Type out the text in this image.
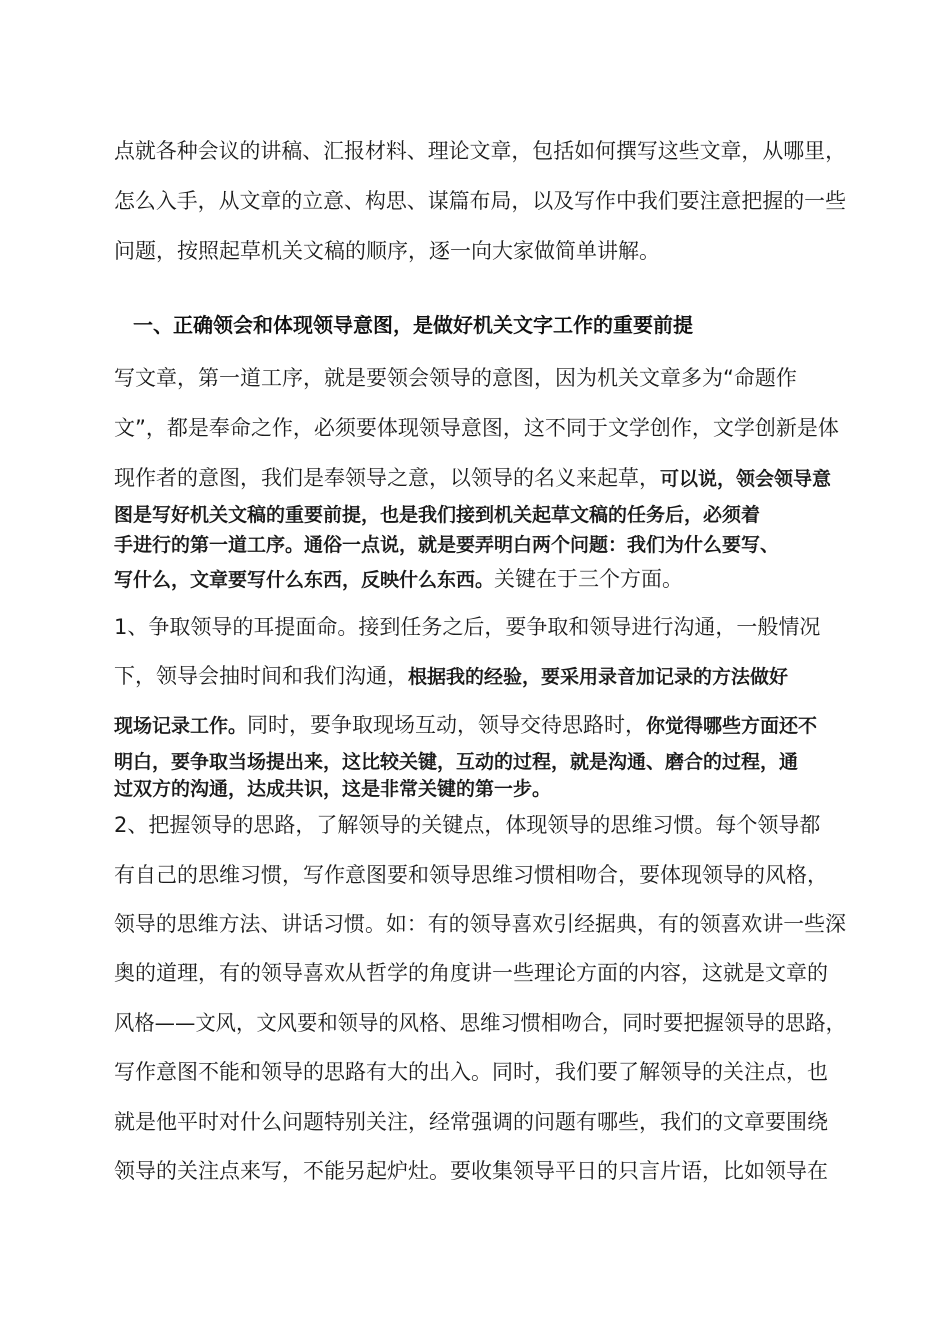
点就各种会议的讲稿、汇报材料、理论文章，包括如何撰写这些文章，从哪里，
怎么入手，从文章的立意、构思、谋篇布局，以及写作中我们要注意把握的一些
问题，按照起草机关文稿的顺序，逐一向大家做简单讲解。
一、正确领会和体现领导意图，是做好机关文字工作的重要前提
写文章，第一道工序，就是要领会领导的意图，因为机关文章多为“命题作
文”，都是奉命之作，必须要体现领导意图，这不同于文学创作，文学创新是体
现作者的意图，我们是奉领导之意，以领导的名义来起草，可以说，领会领导意
图是写好机关文稿的重要前提，也是我们接到机关起草文稿的任务后，必须着
手进行的第一道工序。通俗一点说，就是要弄明白两个问题：我们为什么要写、
写什么，文章要写什么东西，反映什么东西。关键在于三个方面。
1、争取领导的耳提面命。接到任务之后，要争取和领导进行沟通，一般情况
下，领导会抽时间和我们沟通，根据我的经验，要采用录音加记录的方法做好
现场记录工作。同时，要争取现场互动，领导交待思路时，你觉得哪些方面还不
明白，要争取当场提出来，这比较关键，互动的过程，就是沟通、磨合的过程，通
过双方的沟通，达成共识，这是非常关键的第一步。
2、把握领导的思路，了解领导的关键点，体现领导的思维习惯。每个领导都
有自己的思维习惯，写作意图要和领导思维习惯相吻合，要体现领导的风格，
领导的思维方法、讲话习惯。如：有的领导喜欢引经据典，有的领喜欢讲一些深
奥的道理，有的领导喜欢从哲学的角度讲一些理论方面的内容，这就是文章的
风格——文风，文风要和领导的风格、思维习惯相吻合，同时要把握领导的思路，
写作意图不能和领导的思路有大的出入。同时，我们要了解领导的关注点，也
就是他平时对什么问题特别关注，经常强调的问题有哪些，我们的文章要围绕
领导的关注点来写，不能另起炉灶。要收集领导平日的只言片语，比如领导在
